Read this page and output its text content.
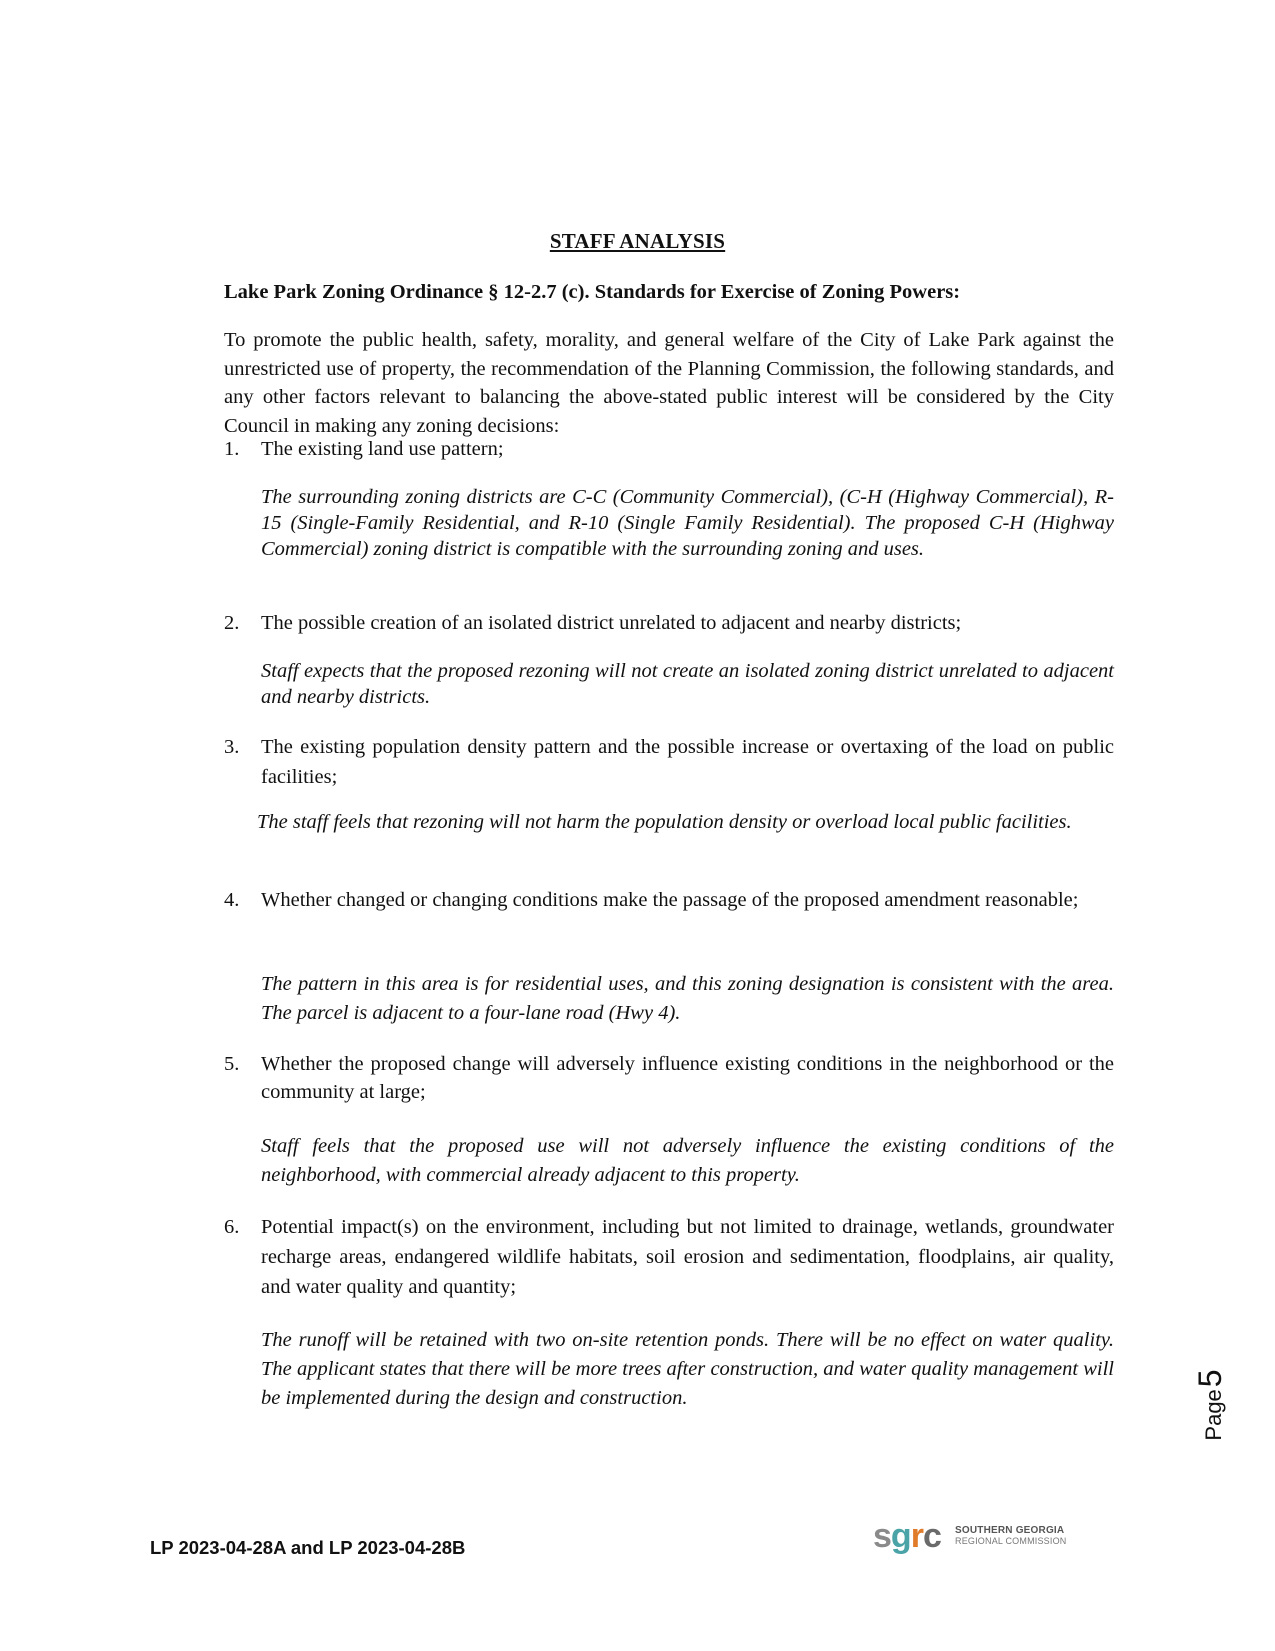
STAFF ANALYSIS
Lake Park Zoning Ordinance § 12-2.7 (c). Standards for Exercise of Zoning Powers:

To promote the public health, safety, morality, and general welfare of the City of Lake Park against the unrestricted use of property, the recommendation of the Planning Commission, the following standards, and any other factors relevant to balancing the above-stated public interest will be considered by the City Council in making any zoning decisions:

1.	The existing land use pattern;

The surrounding zoning districts are C-C (Community Commercial), (C-H (Highway Commercial), R-15 (Single-Family Residential, and R-10 (Single Family Residential). The proposed C-H (Highway Commercial) zoning district is compatible with the surrounding zoning and uses.

2.	The possible creation of an isolated district unrelated to adjacent and nearby districts;

Staff expects that the proposed rezoning will not create an isolated zoning district unrelated to adjacent and nearby districts.

3.	The existing population density pattern and the possible increase or overtaxing of the load on public facilities;

The staff feels that rezoning will not harm the population density or overload local public facilities.

4.	Whether changed or changing conditions make the passage of the proposed amendment reasonable;

The pattern in this area is for residential uses, and this zoning designation is consistent with the area. The parcel is adjacent to a four-lane road (Hwy 4).

5.	Whether the proposed change will adversely influence existing conditions in the neighborhood or the community at large;

Staff feels that the proposed use will not adversely influence the existing conditions of the neighborhood, with commercial already adjacent to this property.

6.	Potential impact(s) on the environment, including but not limited to drainage, wetlands, groundwater recharge areas, endangered wildlife habitats, soil erosion and sedimentation, floodplains, air quality, and water quality and quantity;

The runoff will be retained with two on-site retention ponds. There will be no effect on water quality. The applicant states that there will be more trees after construction, and water quality management will be implemented during the design and construction.	Page5
LP 2023-04-28A and LP 2023-04-28B	sgrc SOUTHERN GEORGIA
REGIONAL COMMISSION
